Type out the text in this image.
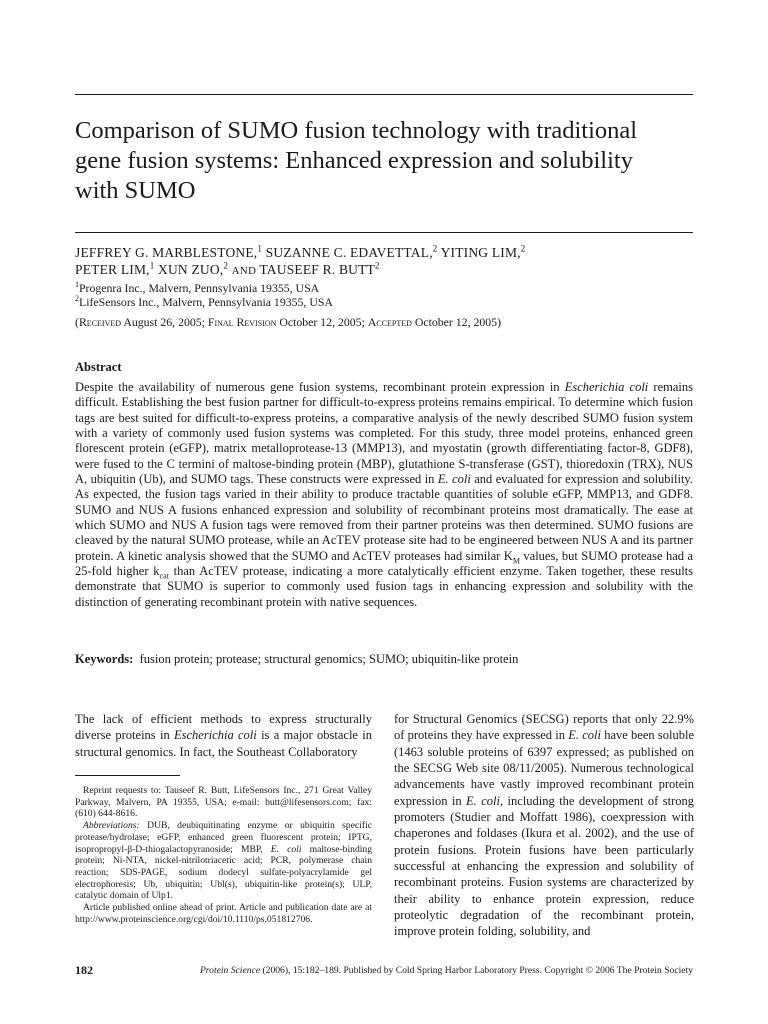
Comparison of SUMO fusion technology with traditional gene fusion systems: Enhanced expression and solubility with SUMO
JEFFREY G. MARBLESTONE,$^1$ SUZANNE C. EDAVETTAL,$^2$ YITING LIM,$^2$
PETER LIM,$^1$ XUN ZUO,$^2$ AND TAUSEEF R. BUTT$^2$
$^1$Progenra Inc., Malvern, Pennsylvania 19355, USA
$^2$LifeSensors Inc., Malvern, Pennsylvania 19355, USA
(Received August 26, 2005; Final Revision October 12, 2005; Accepted October 12, 2005)
Abstract
Despite the availability of numerous gene fusion systems, recombinant protein expression in Escherichia coli remains difficult. Establishing the best fusion partner for difficult-to-express proteins remains empirical. To determine which fusion tags are best suited for difficult-to-express proteins, a comparative analysis of the newly described SUMO fusion system with a variety of commonly used fusion systems was completed. For this study, three model proteins, enhanced green florescent protein (eGFP), matrix metalloprotease-13 (MMP13), and myostatin (growth differentiating factor-8, GDF8), were fused to the C termini of maltose-binding protein (MBP), glutathione S-transferase (GST), thioredoxin (TRX), NUS A, ubiquitin (Ub), and SUMO tags. These constructs were expressed in E. coli and evaluated for expression and solubility. As expected, the fusion tags varied in their ability to produce tractable quantities of soluble eGFP, MMP13, and GDF8. SUMO and NUS A fusions enhanced expression and solubility of recombinant proteins most dramatically. The ease at which SUMO and NUS A fusion tags were removed from their partner proteins was then determined. SUMO fusions are cleaved by the natural SUMO protease, while an AcTEV protease site had to be engineered between NUS A and its partner protein. A kinetic analysis showed that the SUMO and AcTEV proteases had similar $K_M$ values, but SUMO protease had a 25-fold higher $k_{cat}$ than AcTEV protease, indicating a more catalytically efficient enzyme. Taken together, these results demonstrate that SUMO is superior to commonly used fusion tags in enhancing expression and solubility with the distinction of generating recombinant protein with native sequences.
Keywords: fusion protein; protease; structural genomics; SUMO; ubiquitin-like protein
The lack of efficient methods to express structurally diverse proteins in Escherichia coli is a major obstacle in structural genomics. In fact, the Southeast Collaboratory

Reprint requests to: Tauseef R. Butt, LifeSensors Inc., 271 Great Valley Parkway, Malvern, PA 19355, USA; e-mail: butt@lifesensors.com; fax: (610) 644-8616.

Abbreviations: DUB, deubiquitinating enzyme or ubiquitin specific protease/hydrolase; eGFP, enhanced green fluorescent protein; IPTG, isopropropyl-β-D-thiogalactopyranoside; MBP, E. coli maltose-binding protein; Ni-NTA, nickel-nitrilotriacetic acid; PCR, polymerase chain reaction; SDS-PAGE, sodium dodecyl sulfate-polyacrylamide gel electrophoresis; Ub, ubiquitin; Ubl(s), ubiquitin-like protein(s); ULP, catalytic domain of Ulp1.

Article published online ahead of print. Article and publication date are at http://www.proteinscience.org/cgi/doi/10.1110/ps.051812706.

for Structural Genomics (SECSG) reports that only 22.9% of proteins they have expressed in E. coli have been soluble (1463 soluble proteins of 6397 expressed; as published on the SECSG Web site 08/11/2005). Numerous technological advancements have vastly improved recombinant protein expression in E. coli, including the development of strong promoters (Studier and Moffatt 1986), coexpression with chaperones and foldases (Ikura et al. 2002), and the use of protein fusions. Protein fusions have been particularly successful at enhancing the expression and solubility of recombinant proteins. Fusion systems are characterized by their ability to enhance protein expression, reduce proteolytic degradation of the recombinant protein, improve protein folding, solubility, and
182	Protein Science (2006), 15:182–189. Published by Cold Spring Harbor Laboratory Press. Copyright © 2006 The Protein Society
